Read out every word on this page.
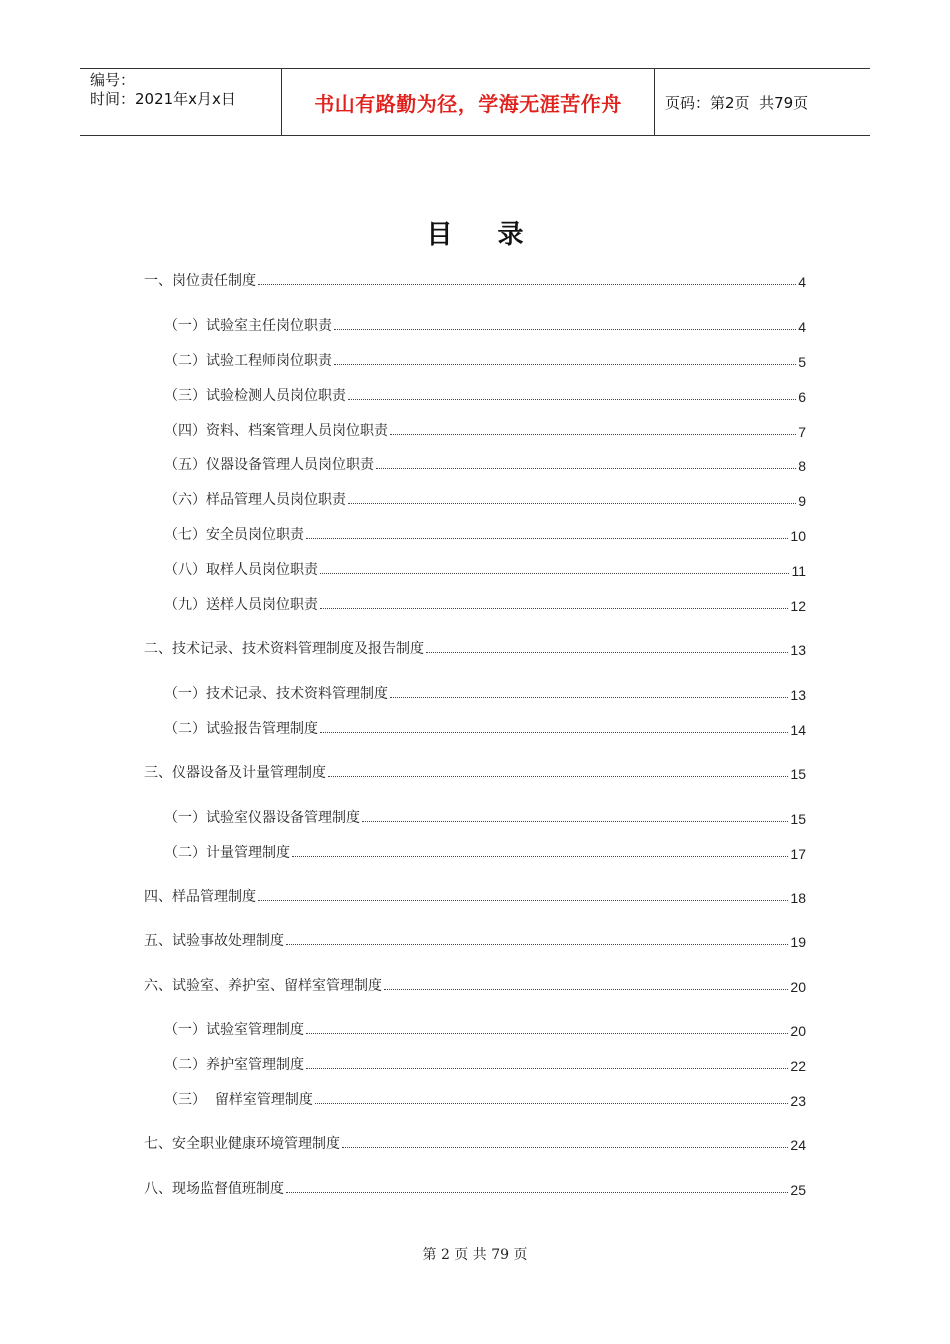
编号：
时间：2021年x月x日	书山有路勤为径，学海无涯苦作舟	页码：第2页  共79页
目 录
一、岗位责任制度	4
（一）试验室主任岗位职责	4
（二）试验工程师岗位职责	5
（三）试验检测人员岗位职责	6
（四）资料、档案管理人员岗位职责	7
（五）仪器设备管理人员岗位职责	8
（六）样品管理人员岗位职责	9
（七）安全员岗位职责	10
（八）取样人员岗位职责	11
（九）送样人员岗位职责	12
二、技术记录、技术资料管理制度及报告制度	13
（一）技术记录、技术资料管理制度	13
（二）试验报告管理制度	14
三、仪器设备及计量管理制度	15
（一）试验室仪器设备管理制度	15
（二）计量管理制度	17
四、样品管理制度	18
五、试验事故处理制度	19
六、试验室、养护室、留样室管理制度	20
（一）试验室管理制度	20
（二）养护室管理制度	22
（三）  留样室管理制度	23
七、安全职业健康环境管理制度	24
八、现场监督值班制度	25
第 2 页 共 79 页
